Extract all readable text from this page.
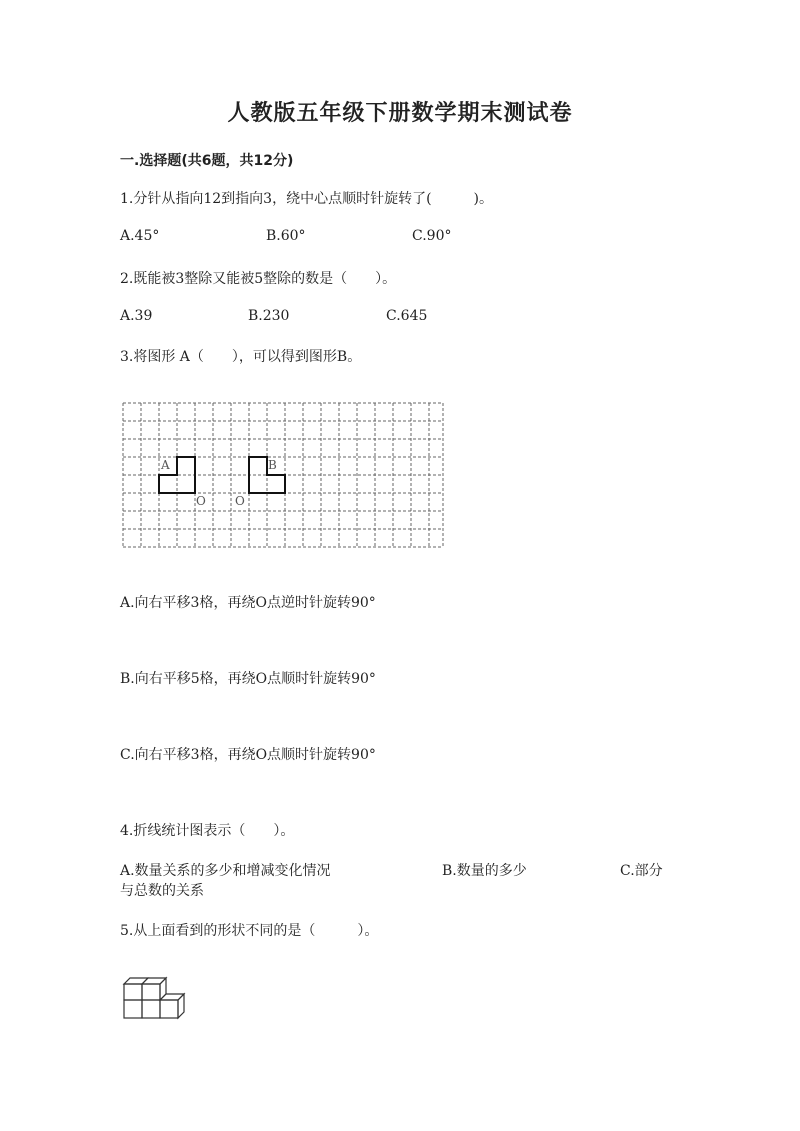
人教版五年级下册数学期末测试卷
一.选择题(共6题，共12分)
1.分针从指向12到指向3，绕中心点顺时针旋转了(　　　)。
A.45°	B.60°	C.90°
2.既能被3整除又能被5整除的数是（　　）。
A.39	B.230	C.645
3.将图形 A（　　），可以得到图形B。
A	B
O O
A.向右平移3格，再绕O点逆时针旋转90°
B.向右平移5格，再绕O点顺时针旋转90°
C.向右平移3格，再绕O点顺时针旋转90°
4.折线统计图表示（　　）。
A.数量关系的多少和增减变化情况	B.数量的多少	C.部分
与总数的关系
5.从上面看到的形状不同的是（　　　）。
